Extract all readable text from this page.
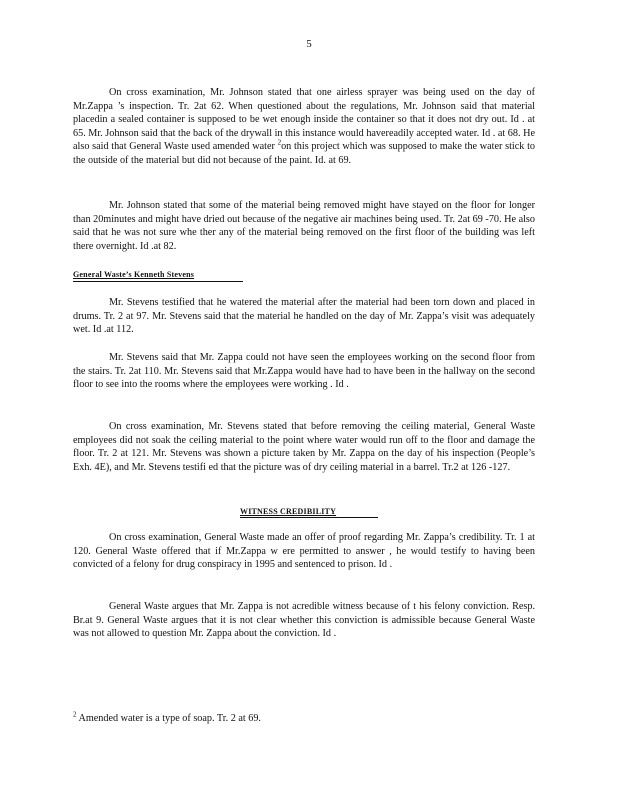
5

On cross examination, Mr. Johnson stated that one airless sprayer was being used on the day of Mr.Zappa ’s inspection. Tr. 2at 62. When questioned about the regulations, Mr. Johnson said that material placedin a sealed container is supposed to be wet enough inside the container so that it does not dry out. Id . at 65. Mr. Johnson said that the back of the drywall in this instance would havereadily accepted water. Id . at 68. He also said that General Waste used amended water $^2$on this project which was supposed to make the water stick to the outside of the material but did not because of the paint. Id. at 69.

Mr. Johnson stated that some of the material being removed might have stayed on the floor for longer than 20minutes and might have dried out because of the negative air machines being used. Tr. 2at 69 -70. He also said that he was not sure whe ther any of the material being removed on the first floor of the building was left there overnight. Id .at 82.

General Waste’s Kenneth Stevens

Mr. Stevens testified that he watered the material after the material had been torn down and placed in drums. Tr. 2 at 97. Mr. Stevens said that the material he handled on the day of Mr. Zappa’s visit was adequately wet. Id .at 112.

Mr. Stevens said that Mr. Zappa could not have seen the employees working on the second floor from the stairs. Tr. 2at 110. Mr. Stevens said that Mr.Zappa would have had to have been in the hallway on the second floor to see into the rooms where the employees were working . Id .

On cross examination, Mr. Stevens stated that before removing the ceiling material, General Waste employees did not soak the ceiling material to the point where water would run off to the floor and damage the floor. Tr. 2 at 121. Mr. Stevens was shown a picture taken by Mr. Zappa on the day of his inspection (People’s Exh. 4E), and Mr. Stevens testifi ed that the picture was of dry ceiling material in a barrel. Tr.2 at 126 -127.

WITNESS CREDIBILITY

On cross examination, General Waste made an offer of proof regarding Mr. Zappa’s credibility. Tr. 1 at 120. General Waste offered that if Mr.Zappa w ere permitted to answer , he would testify to having been convicted of a felony for drug conspiracy in 1995 and sentenced to prison. Id .

General Waste argues that Mr. Zappa is not acredible witness because of t his felony conviction. Resp. Br.at 9. General Waste argues that it is not clear whether this conviction is admissible because General Waste was not allowed to question Mr. Zappa about the conviction. Id .

$^2$ Amended water is a type of soap. Tr. 2 at 69.
